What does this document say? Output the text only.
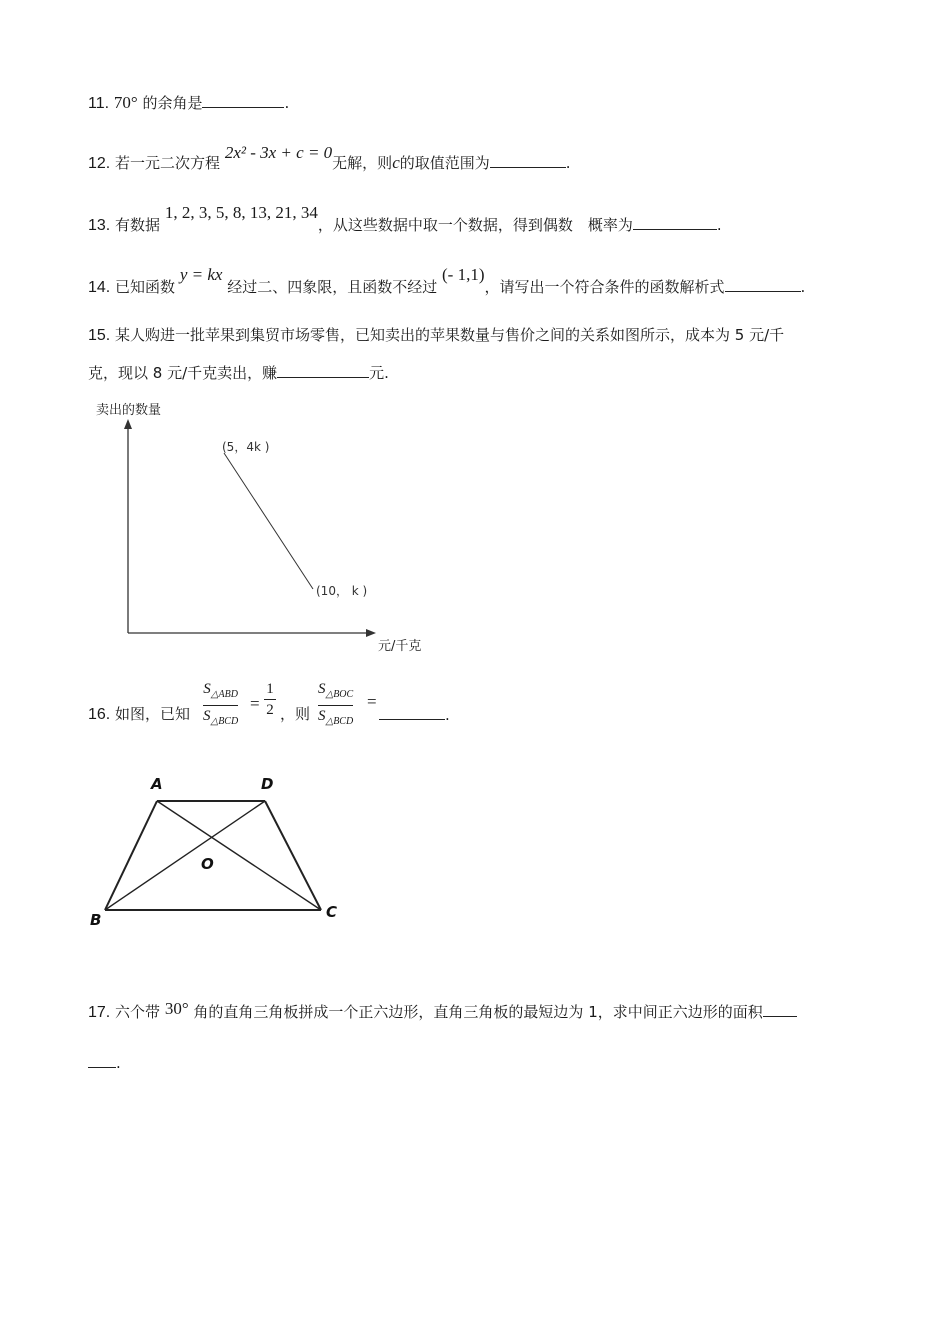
11. 70° 的余角是	.
12. 若一元二次方程 2x² - 3x + c = 0无解，则c的取值范围为	.
13. 有数据 1, 2, 3, 5, 8, 13, 21, 34，从这些数据中取一个数据，得到偶数　概率为	.
14. 已知函数 y = kx 经过二、四象限，且函数不经过 (- 1,1)，请写出一个符合条件的函数解析式	.
15. 某人购进一批苹果到集贸市场零售，已知卖出的苹果数量与售价之间的关系如图所示，成本为 5 元/千
克，现以 8 元/千克卖出，赚	元.
卖出的数量
(5，4k )
(10， k )
元/千克
16. 如图，已知
$S_{\triangle ABD}$
$S_{\triangle BCD}$
=
1
2 ，则
$S_{\triangle BOC}$
$S_{\triangle BCD}$
=
.
A	D
O
B	C
17. 六个带 30° 角的直角三角板拼成一个正六边形，直角三角板的最短边为 1，求中间正六边形的面积
.
